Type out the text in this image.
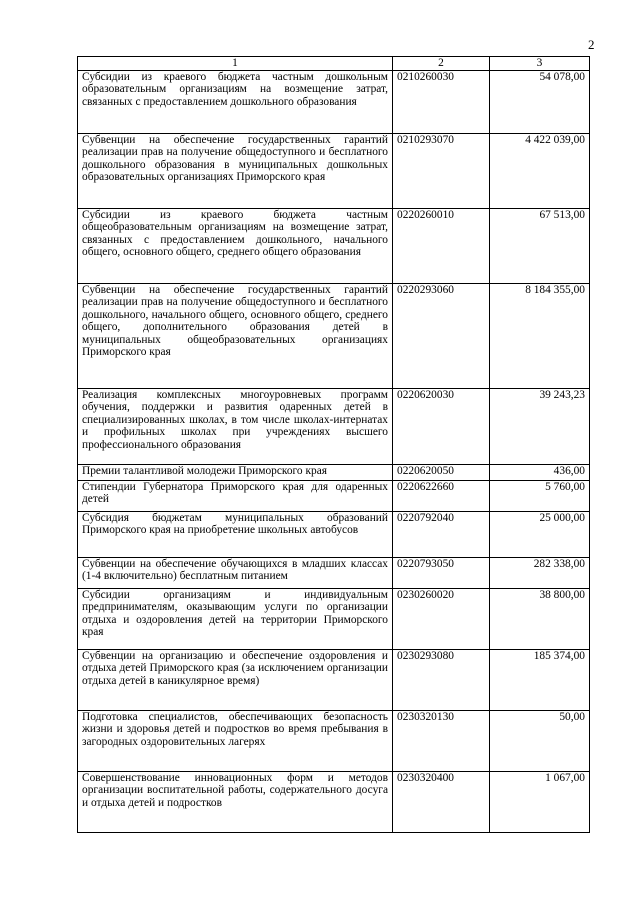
2
1	2	3
Субсидии из краевого бюджета частным дошкольным образовательным организациям на возмещение затрат, связанных с предоставлением дошкольного образования	0210260030	54 078,00
Субвенции на обеспечение государственных гарантий реализации прав на получение общедоступного и бесплатного дошкольного образования в муниципальных дошкольных образовательных организациях Приморского края	0210293070	4 422 039,00
Субсидии из краевого бюджета частным общеобразовательным организациям на возмещение затрат, связанных с предоставлением дошкольного, начального общего, основного общего, среднего общего образования	0220260010	67 513,00
Субвенции на обеспечение государственных гарантий реализации прав на получение общедоступного и бесплатного дошкольного, начального общего, основного общего, среднего общего, дополнительного образования детей в муниципальных общеобразовательных организациях Приморского края	0220293060	8 184 355,00
Реализация комплексных многоуровневых программ обучения, поддержки и развития одаренных детей в специализированных школах, в том числе школах-интернатах и профильных школах при учреждениях высшего профессионального образования	0220620030	39 243,23
Премии талантливой молодежи Приморского края	0220620050	436,00
Стипендии Губернатора Приморского края для одаренных детей	0220622660	5 760,00
Субсидия бюджетам муниципальных образований Приморского края на приобретение школьных автобусов	0220792040	25 000,00
Субвенции на обеспечение обучающихся в младших классах (1-4 включительно) бесплатным питанием	0220793050	282 338,00
Субсидии организациям и индивидуальным предпринимателям, оказывающим услуги по организации отдыха и оздоровления детей на территории Приморского края	0230260020	38 800,00
Субвенции на организацию и обеспечение оздоровления и отдыха детей Приморского края (за исключением организации отдыха детей в каникулярное время)	0230293080	185 374,00
Подготовка специалистов, обеспечивающих безопасность жизни и здоровья детей и подростков во время пребывания в загородных оздоровительных лагерях	0230320130	50,00
Совершенствование инновационных форм и методов организации воспитательной работы, содержательного досуга и отдыха детей и подростков	0230320400	1 067,00
